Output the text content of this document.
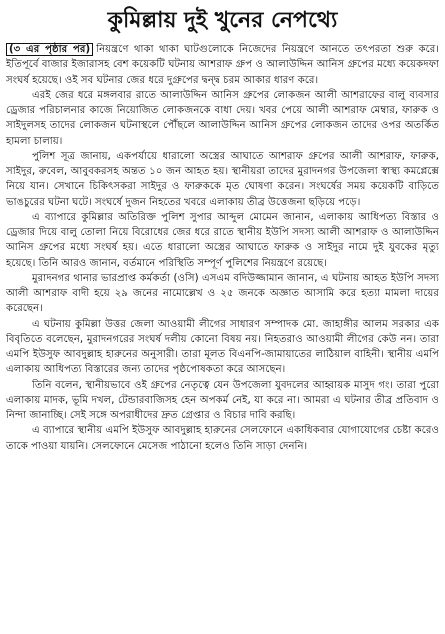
কুমিল্লায় দুই খুনের নেপথ্যে

(৩ এর পৃষ্ঠার পর) নিয়ন্ত্রণে থাকা থাকা ঘাটগুলোকে নিজেদের নিয়ন্ত্রণে আনতে তৎপরতা শুরু করে। ইতিপূর্বে বাজার ইজারাসহ বেশ কয়েকটি ঘটনায় আশরাফ গ্রুপ ও আলাউদ্দিন আনিস গ্রুপের মধ্যে কয়েকদফা সংঘর্ষ হয়েছে। ওই সব ঘটনার জের ধরে দুগ্রুপের দ্বন্দ্ব চরম আকার ধারণ করে।

এরই জের ধরে মঙ্গলবার রাতে আলাউদ্দিন আনিস গ্রুপের লোকজন আলী আশরাফের বালু ব্যবসার ড্রেজার পরিচালনার কাজে নিয়োজিত লোকজনকে বাধা দেয়। খবর পেয়ে আলী আশরাফ মেম্বার, ফারুক ও সাইদুলসহ তাদের লোকজন ঘটনাস্থলে পৌঁছলে আলাউদ্দিন আনিস গ্রুপের লোকজন তাদের ওপর অতর্কিত হামলা চালায়।

পুলিশ সূত্র জানায়, একপর্যায়ে ধারালো অস্ত্রের আঘাতে আশরাফ গ্রুপের আলী আশরাফ, ফারুক, সাইদুর, রুবেল, আবুবকরসহ অন্তত ১০ জন আহত হয়। স্থানীয়রা তাদের মুরাদনগর উপজেলা স্বাস্থ্য কমপ্লেক্সে নিয়ে যান। সেখানে চিকিৎসকরা সাইদুর ও ফারুককে মৃত ঘোষণা করেন। সংঘর্ষের সময় কয়েকটি বাড়িতে ভাঙচুরের ঘটনা ঘটে। সংঘর্ষে দুজন নিহতের খবরে এলাকায় তীব্র উত্তেজনা ছড়িয়ে পড়ে।

এ ব্যাপারে কুমিল্লার অতিরিক্ত পুলিশ সুপার আব্দুল মোমেন জানান, এলাকায় আধিপত্য বিস্তার ও ড্রেজার দিয়ে বালু তোলা নিয়ে বিরোধের জের ধরে রাতে স্থানীয় ইউপি সদস্য আলী আশরাফ ও আলাউদ্দিন আনিস গ্রুপের মধ্যে সংঘর্ষ হয়। এতে ধারালো অস্ত্রের আঘাতে ফারুক ও সাইদুর নামে দুই যুবকের মৃত্যু হয়েছে। তিনি আরও জানান, বর্তমানে পরিস্থিতি সম্পূর্ণ পুলিশের নিয়ন্ত্রণে রয়েছে।

মুরাদনগর থানার ভারপ্রাপ্ত কর্মকর্তা (ওসি) এসএম বদিউজ্জামান জানান, এ ঘটনায় আহত ইউপি সদস্য আলী আশরাফ বাদী হয়ে ২৯ জনের নামোল্লেখ ও ২৫ জনকে অজ্ঞাত আসামি করে হত্যা মামলা দায়ের করেছেন।

এ ঘটনায় কুমিল্লা উত্তর জেলা আওয়ামী লীগের সাধারণ সম্পাদক মো. জাহাঙ্গীর আলম সরকার এক বিবৃতিতে বলেছেন, মুরাদনগরের সংঘর্ষ দলীয় কোনো বিষয় নয়। নিহতরাও আওয়ামী লীগের কেউ নন। তারা এমপি ইউসুফ আবদুল্লাহ হারুনের অনুসারী। তারা মূলত বিএনপি-জামায়াতের লাঠিয়াল বাহিনী। স্থানীয় এমপি এলাকায় আধিপত্য বিস্তারের জন্য তাদের পৃষ্ঠপোষকতা করে আসছেন।

তিনি বলেন, স্থানীয়ভাবে ওই গ্রুপের নেতৃত্বে যেন উপজেলা যুবদলের আহ্বায়ক মাসুদ গং। তারা পুরো এলাকায় মাদক, ভূমি দখল, টেন্ডারবাজিসহ হেন অপকর্ম নেই, যা করে না। আমরা এ ঘটনার তীব্র প্রতিবাদ ও নিন্দা জানাচ্ছি। সেই সঙ্গে অপরাধীদের দ্রুত গ্রেপ্তার ও বিচার দাবি করছি।

এ ব্যাপারে স্থানীয় এমপি ইউসুফ আবদুল্লাহ হারুনের সেলফোনে একাধিকবার যোগাযোগের চেষ্টা করেও তাকে পাওয়া যায়নি। সেলফোনে মেসেজ পাঠানো হলেও তিনি সাড়া দেননি।
